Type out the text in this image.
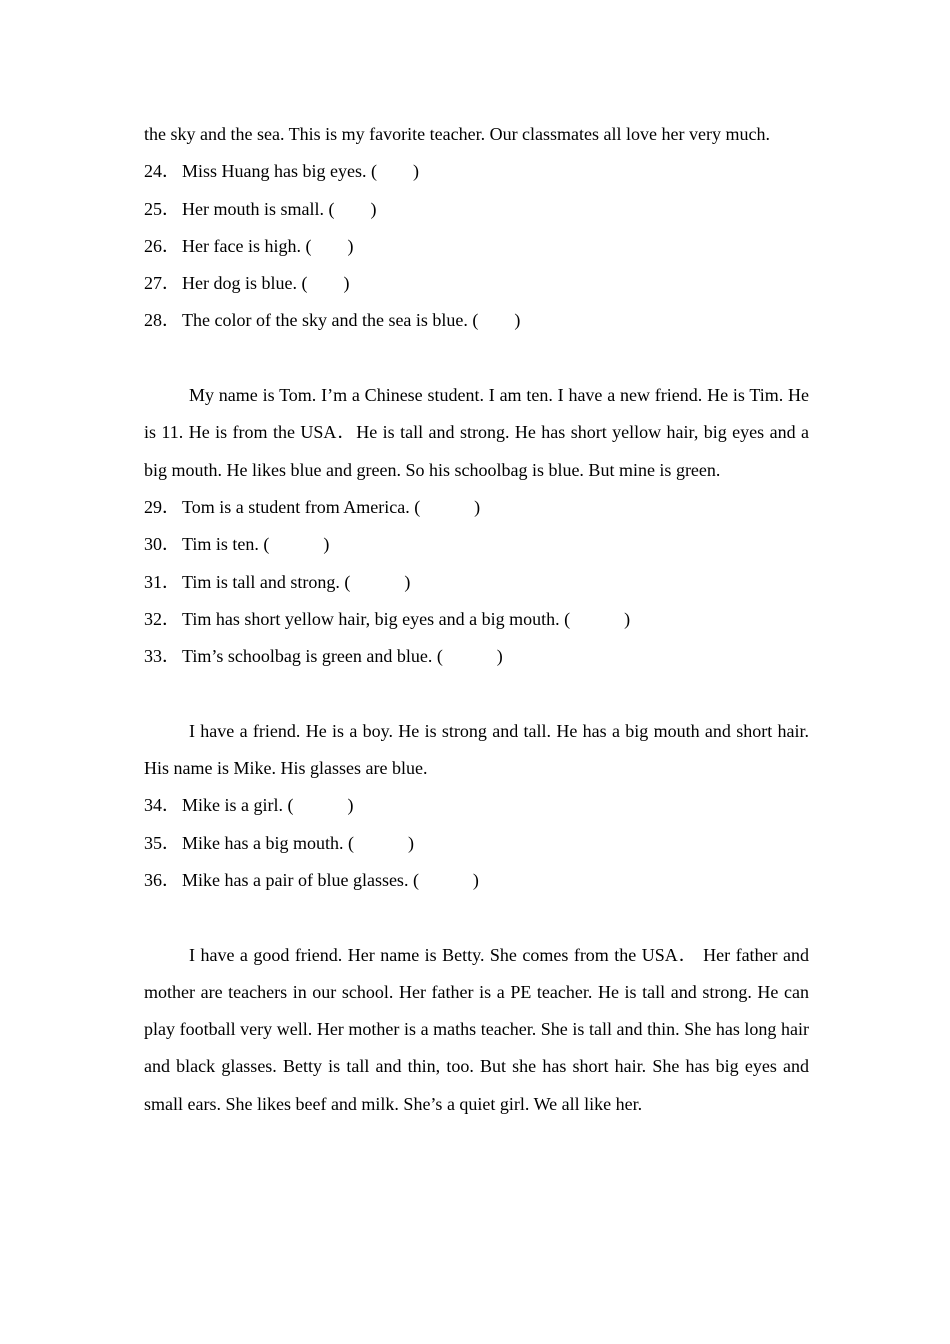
the sky and the sea. This is my favorite teacher. Our classmates all love her very much.

24． Miss Huang has big eyes. (        )

25． Her mouth is small. (        )

26． Her face is high. (        )

27． Her dog is blue. (        )

28． The color of the sky and the sea is blue. (        )

My name is Tom. I’m a Chinese student. I am ten. I have a new friend. He is Tim. He is 11. He is from the USA．He is tall and strong. He has short yellow hair, big eyes and a big mouth. He likes blue and green. So his schoolbag is blue. But mine is green.

29． Tom is a student from America. (            )

30． Tim is ten. (            )

31． Tim is tall and strong. (            )

32． Tim has short yellow hair, big eyes and a big mouth. (            )

33． Tim’s schoolbag is green and blue. (            )

I have a friend. He is a boy. He is strong and tall. He has a big mouth and short hair. His name is Mike. His glasses are blue.

34． Mike is a girl. (            )

35． Mike has a big mouth. (            )

36． Mike has a pair of blue glasses. (            )

I have a good friend. Her name is Betty. She comes from the USA． Her father and mother are teachers in our school. Her father is a PE teacher. He is tall and strong. He can play football very well. Her mother is a maths teacher. She is tall and thin. She has long hair and black glasses. Betty is tall and thin, too. But she has short hair. She has big eyes and small ears. She likes beef and milk. She’s a quiet girl. We all like her.
